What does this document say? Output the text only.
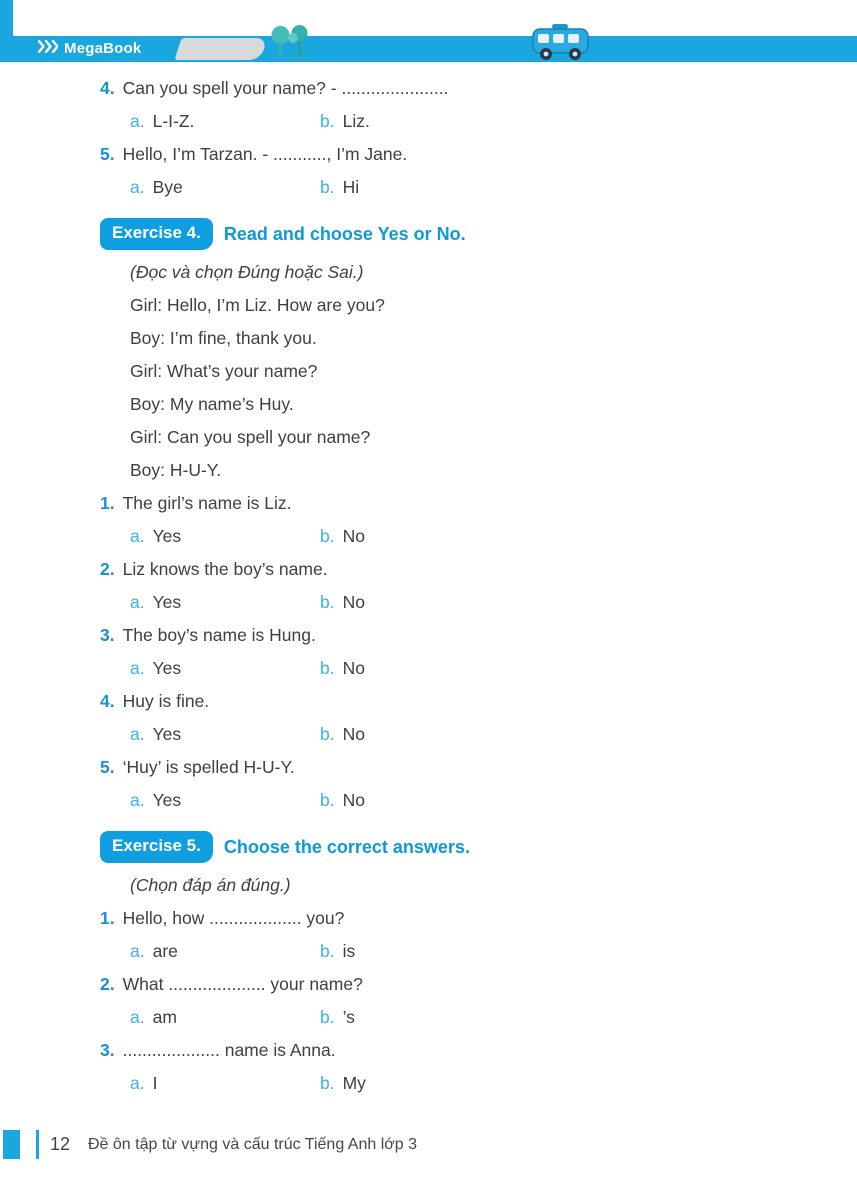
MegaBook
4. Can you spell your name? - ......................
a. L-I-Z.	b. Liz.
5. Hello, I’m Tarzan. - ..........., I’m Jane.
a. Bye	b. Hi
Exercise 4.	Read and choose Yes or No.
(Đọc và chọn Đúng hoặc Sai.)
Girl: Hello, I’m Liz. How are you?
Boy: I’m fine, thank you.
Girl: What’s your name?
Boy: My name’s Huy.
Girl: Can you spell your name?
Boy: H-U-Y.
1. The girl’s name is Liz.
a. Yes	b. No
2. Liz knows the boy’s name.
a. Yes	b. No
3. The boy’s name is Hung.
a. Yes	b. No
4. Huy is fine.
a. Yes	b. No
5. ‘Huy’ is spelled H-U-Y.
a. Yes	b. No
Exercise 5.	Choose the correct answers.
(Chọn đáp án đúng.)
1. Hello, how ................... you?
a. are	b. is
2. What .................... your name?
a. am	b. ’s
3. .................... name is Anna.
a. I	b. My
12 Đề ôn tập từ vựng và cấu trúc Tiếng Anh lớp 3
